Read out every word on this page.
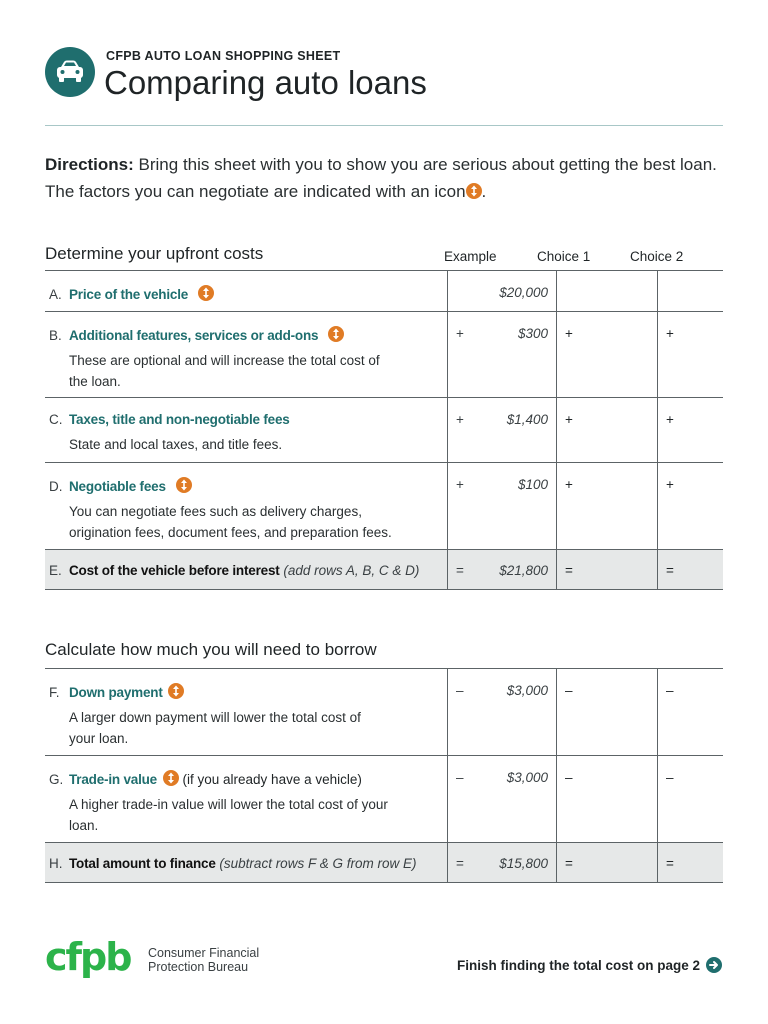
CFPB AUTO LOAN SHOPPING SHEET
Comparing auto loans

Directions: Bring this sheet with you to show you are serious about getting the best loan. The factors you can negotiate are indicated with an icon .

Determine your upfront costs	Example	Choice 1	Choice 2
A. Price of the vehicle	$20,000		

B. Additional features, services or add-ons
These are optional and will increase the total cost of the loan.	+ $300	+	+
C. Taxes, title and non-negotiable fees
State and local taxes, and title fees.	+ $1,400	+	+
D. Negotiable fees
You can negotiate fees such as delivery charges, origination fees, document fees, and preparation fees.	+ $100	+	+
E. Cost of the vehicle before interest (add rows A, B, C & D)	= $21,800	=	=
Calculate how much you will need to borrow
F. Down payment
A larger down payment will lower the total cost of your loan.	– $3,000	–	–
G. Trade-in value (if you already have a vehicle)
A higher trade-in value will lower the total cost of your loan.	– $3,000	–	–
H. Total amount to finance (subtract rows F & G from row E)	= $15,800	=	=
cfpb Consumer Financial
Protection Bureau	Finish finding the total cost on page 2
